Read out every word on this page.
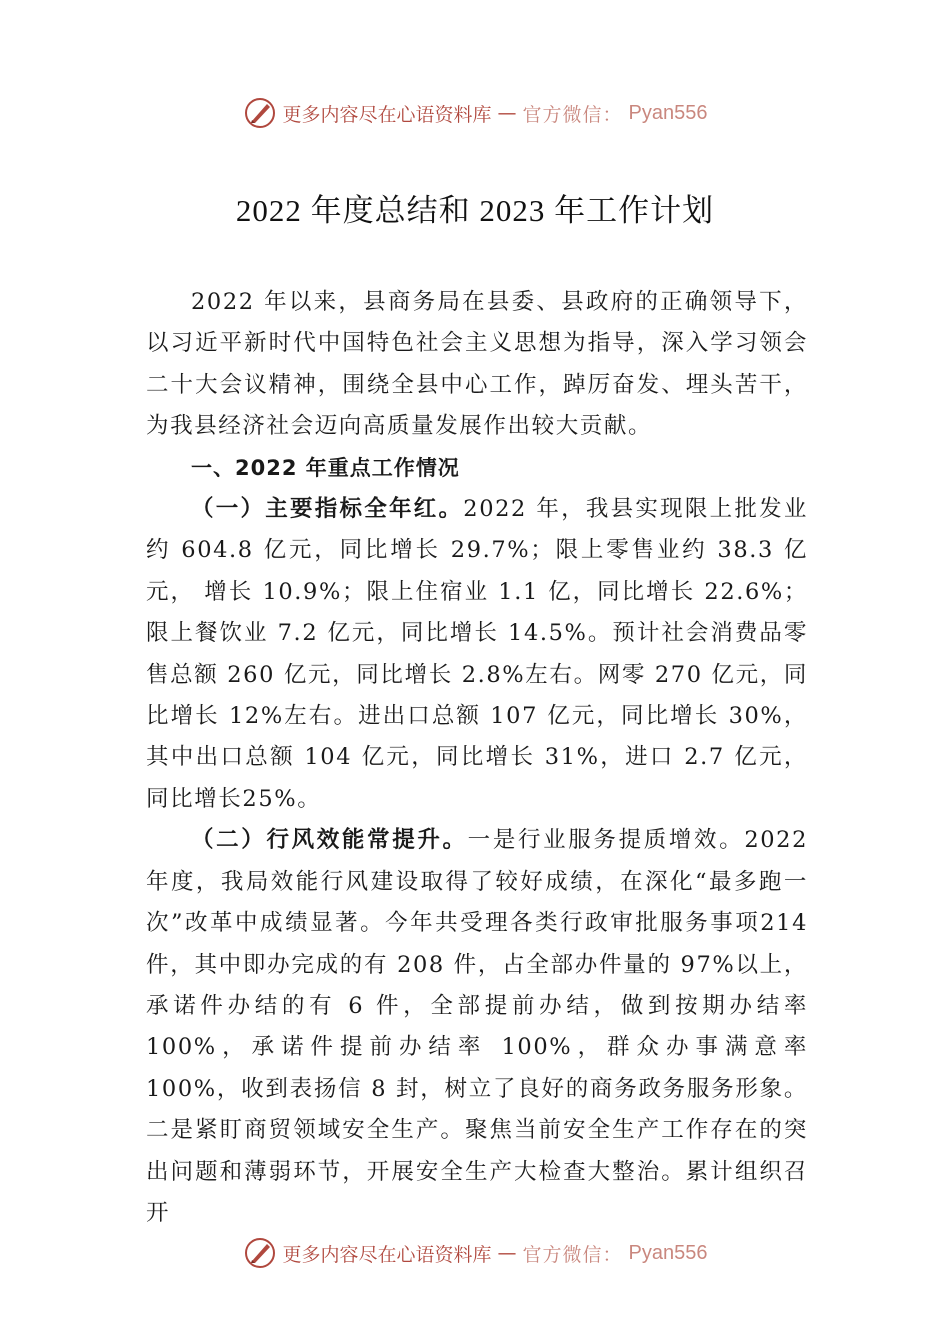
更多内容尽在心语资料库 — 官方微信： Pyan556
2022 年度总结和 2023 年工作计划

2022 年以来，县商务局在县委、县政府的正确领导下，以习近平新时代中国特色社会主义思想为指导，深入学习领会二十大会议精神，围绕全县中心工作，踔厉奋发、埋头苦干，为我县经济社会迈向高质量发展作出较大贡献。

一、2022 年重点工作情况

（一）主要指标全年红。2022 年，我县实现限上批发业约 604.8 亿元，同比增长 29.7%；限上零售业约 38.3 亿元， 增长 10.9%；限上住宿业 1.1 亿，同比增长 22.6%；限上餐饮业 7.2 亿元，同比增长 14.5%。预计社会消费品零售总额 260 亿元，同比增长 2.8%左右。网零 270 亿元，同比增长 12%左右。进出口总额 107 亿元，同比增长 30%，其中出口总额 104 亿元，同比增长 31%，进口 2.7 亿元，同比增长25%。

（二）行风效能常提升。一是行业服务提质增效。2022 年度，我局效能行风建设取得了较好成绩，在深化“最多跑一次”改革中成绩显著。今年共受理各类行政审批服务事项214 件，其中即办完成的有 208 件，占全部办件量的 97%以上，承诺件办结的有 6 件，全部提前办结，做到按期办结率100%，承诺件提前办结率 100%，群众办事满意率 100%，收到表扬信 8 封，树立了良好的商务政务服务形象。二是紧盯商贸领域安全生产。聚焦当前安全生产工作存在的突出问题和薄弱环节，开展安全生产大检查大整治。累计组织召开

更多内容尽在心语资料库 — 官方微信： Pyan556
